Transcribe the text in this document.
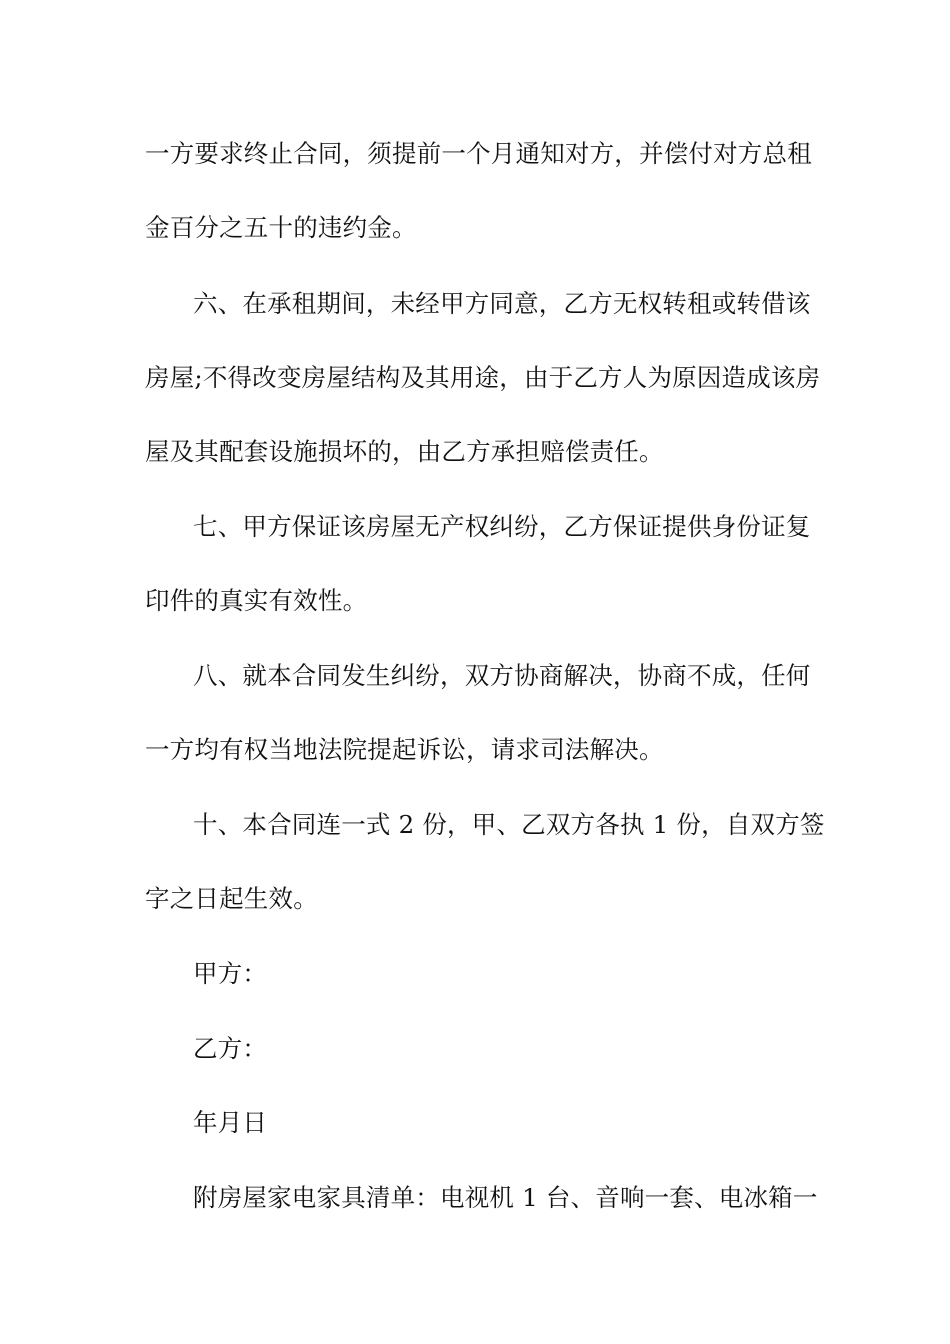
一方要求终止合同，须提前一个月通知对方，并偿付对方总租

金百分之五十的违约金。

六、在承租期间，未经甲方同意，乙方无权转租或转借该

房屋;不得改变房屋结构及其用途，由于乙方人为原因造成该房

屋及其配套设施损坏的，由乙方承担赔偿责任。

七、甲方保证该房屋无产权纠纷，乙方保证提供身份证复

印件的真实有效性。

八、就本合同发生纠纷，双方协商解决，协商不成，任何

一方均有权当地法院提起诉讼，请求司法解决。

十、本合同连一式 2 份，甲、乙双方各执 1 份，自双方签

字之日起生效。

甲方：

乙方：

年月日

附房屋家电家具清单：电视机 1 台、音响一套、电冰箱一
